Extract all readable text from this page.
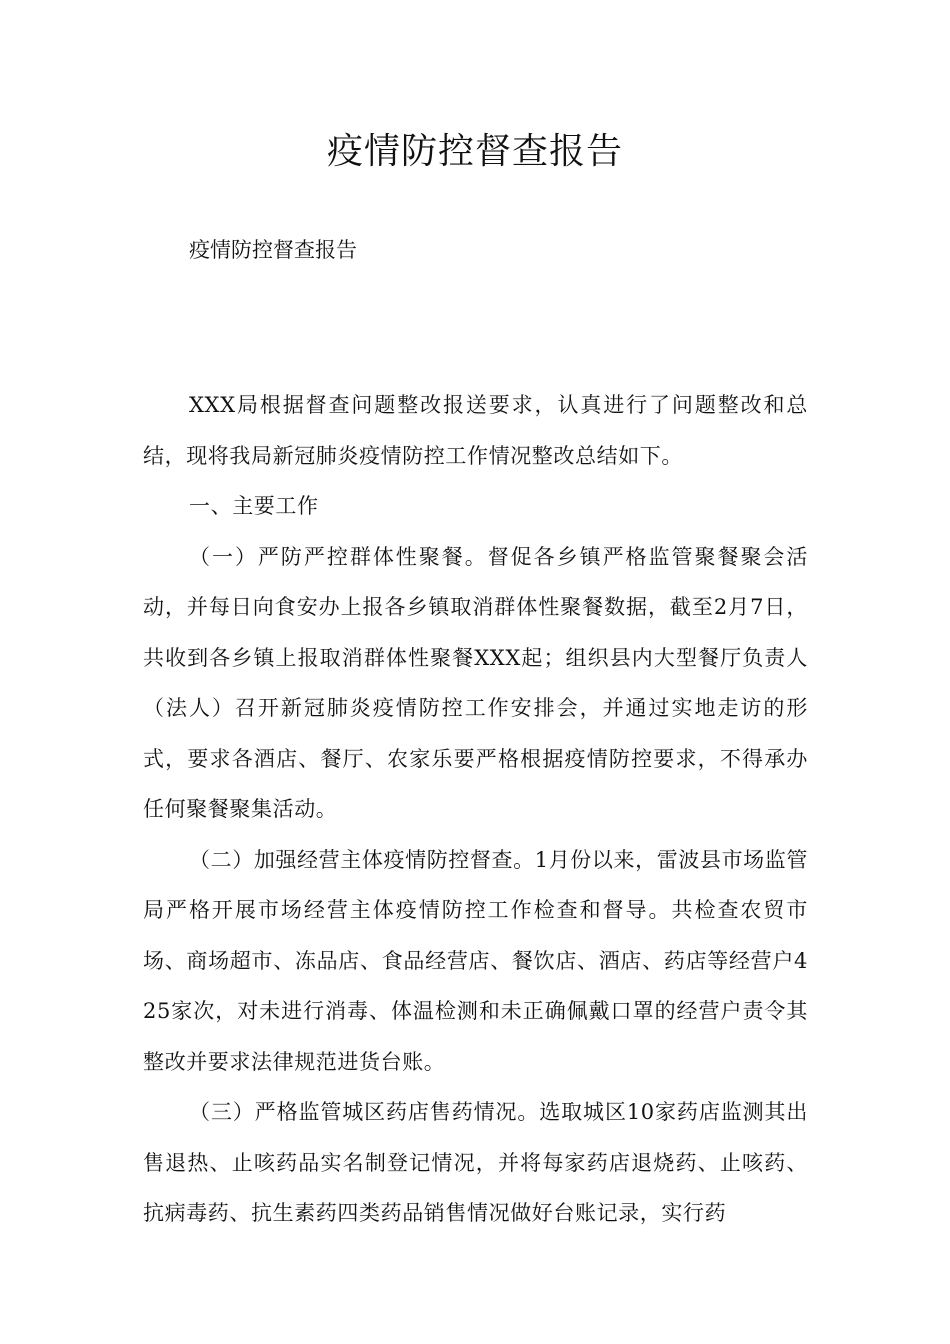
疫情防控督查报告

疫情防控督查报告

XXX局根据督查问题整改报送要求，认真进行了问题整改和总结，现将我局新冠肺炎疫情防控工作情况整改总结如下。

一、主要工作

（一）严防严控群体性聚餐。督促各乡镇严格监管聚餐聚会活动，并每日向食安办上报各乡镇取消群体性聚餐数据，截至2月7日，共收到各乡镇上报取消群体性聚餐XXX起；组织县内大型餐厅负责人（法人）召开新冠肺炎疫情防控工作安排会，并通过实地走访的形式，要求各酒店、餐厅、农家乐要严格根据疫情防控要求，不得承办任何聚餐聚集活动。

（二）加强经营主体疫情防控督查。1月份以来，雷波县市场监管局严格开展市场经营主体疫情防控工作检查和督导。共检查农贸市场、商场超市、冻品店、食品经营店、餐饮店、酒店、药店等经营户425家次，对未进行消毒、体温检测和未正确佩戴口罩的经营户责令其整改并要求法律规范进货台账。

（三）严格监管城区药店售药情况。选取城区10家药店监测其出售退热、止咳药品实名制登记情况，并将每家药店退烧药、止咳药、抗病毒药、抗生素药四类药品销售情况做好台账记录，实行药
